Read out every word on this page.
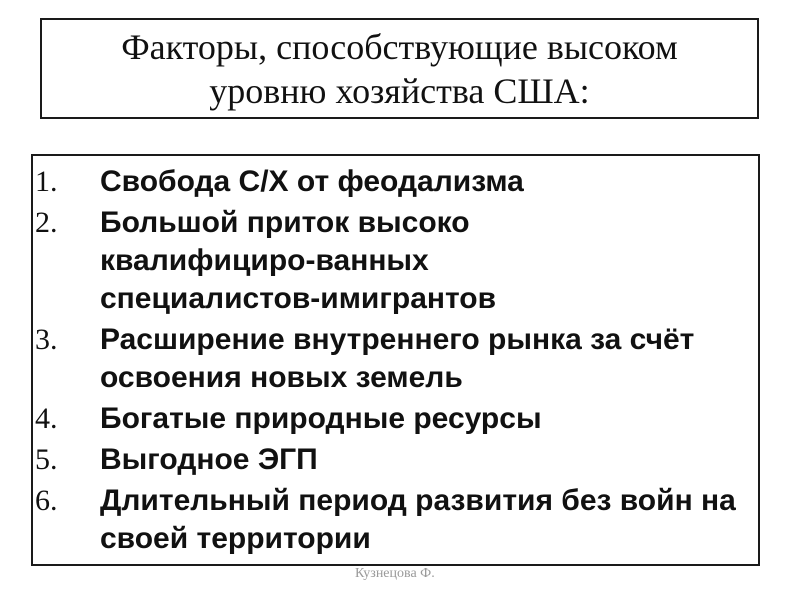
Факторы, способствующие высоком
уровню хозяйства США:

1. Свобода С/Х от феодализма
2. Большой приток высоко квалифициро-ванных специалистов-имигрантов
3. Расширение внутреннего рынка за счёт освоения новых земель
4. Богатые природные ресурсы
5. Выгодное ЭГП
6. Длительный период развития без войн на своей территории
Кузнецова Ф.
